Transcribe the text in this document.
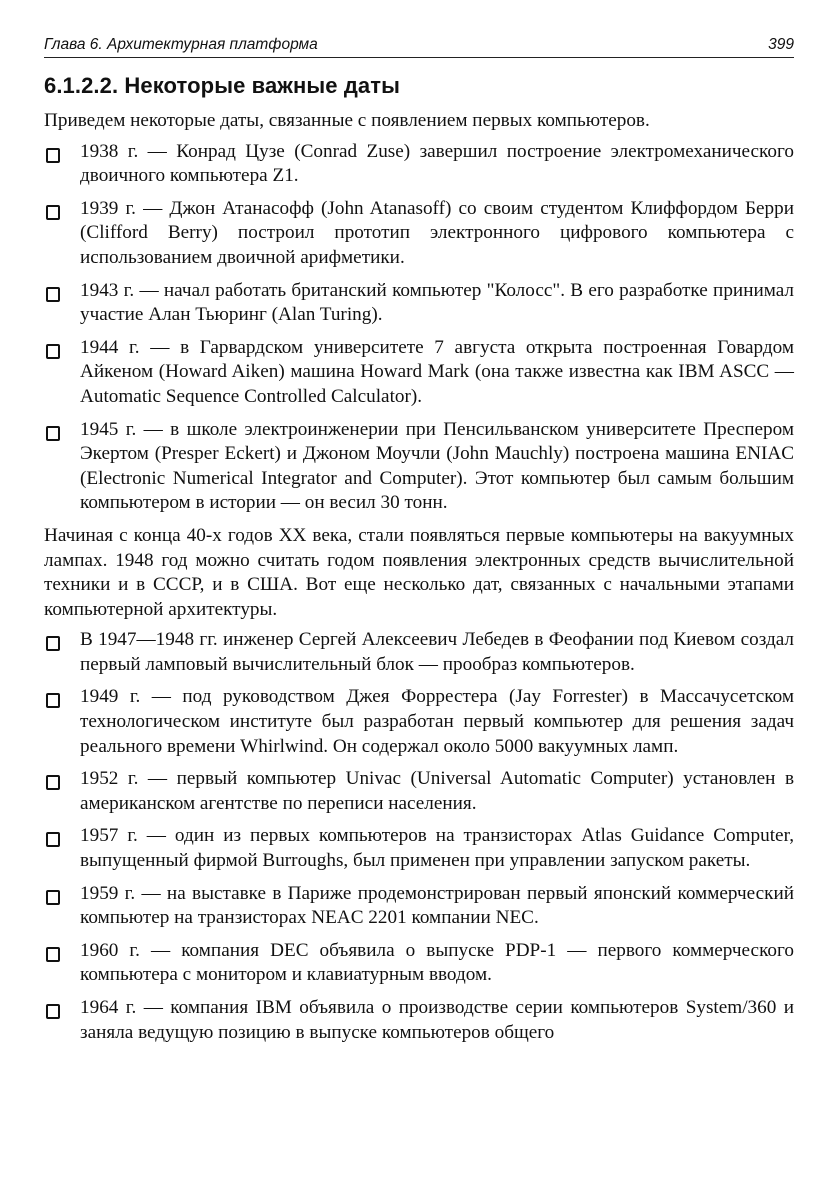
Глава 6. Архитектурная платформа	399
6.1.2.2. Некоторые важные даты

Приведем некоторые даты, связанные с появлением первых компьютеров.

1938 г. — Конрад Цузе (Conrad Zuse) завершил построение электромеханического двоичного компьютера Z1.
1939 г. — Джон Атанасофф (John Atanasoff) со своим студентом Клиффордом Берри (Clifford Berry) построил прототип электронного цифрового компьютера с использованием двоичной арифметики.
1943 г. — начал работать британский компьютер "Колосс". В его разработке принимал участие Алан Тьюринг (Alan Turing).
1944 г. — в Гарвардском университете 7 августа открыта построенная Говардом Айкеном (Howard Aiken) машина Howard Mark (она также известна как IBM ASCC — Automatic Sequence Controlled Calculator).
1945 г. — в школе электроинженерии при Пенсильванском университете Преспером Экертом (Presper Eckert) и Джоном Моучли (John Mauchly) построена машина ENIAC (Electronic Numerical Integrator and Computer). Этот компьютер был самым большим компьютером в истории — он весил 30 тонн.

Начиная с конца 40-х годов XX века, стали появляться первые компьютеры на вакуумных лампах. 1948 год можно считать годом появления электронных средств вычислительной техники и в СССР, и в США. Вот еще несколько дат, связанных с начальными этапами компьютерной архитектуры.

В 1947—1948 гг. инженер Сергей Алексеевич Лебедев в Феофании под Киевом создал первый ламповый вычислительный блок — прообраз компьютеров.
1949 г. — под руководством Джея Форрестера (Jay Forrester) в Массачусетском технологическом институте был разработан первый компьютер для решения задач реального времени Whirlwind. Он содержал около 5000 вакуумных ламп.
1952 г. — первый компьютер Univac (Universal Automatic Computer) установлен в американском агентстве по переписи населения.
1957 г. — один из первых компьютеров на транзисторах Atlas Guidance Computer, выпущенный фирмой Burroughs, был применен при управлении запуском ракеты.
1959 г. — на выставке в Париже продемонстрирован первый японский коммерческий компьютер на транзисторах NEAC 2201 компании NEC.
1960 г. — компания DEC объявила о выпуске PDP-1 — первого коммерческого компьютера с монитором и клавиатурным вводом.
1964 г. — компания IBM объявила о производстве серии компьютеров System/360 и заняла ведущую позицию в выпуске компьютеров общего
